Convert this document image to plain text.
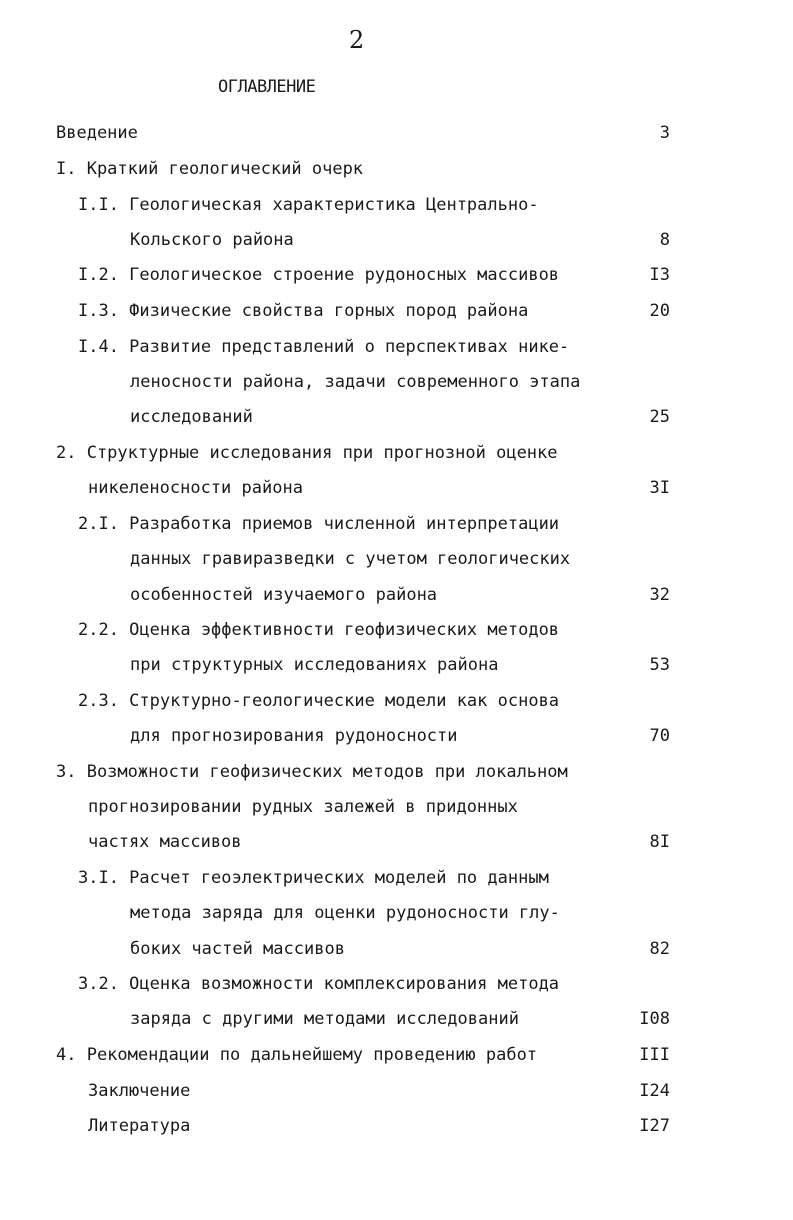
2
ОГЛАВЛЕНИЕ
Введение	3
I. Краткий геологический очерк
I.I. Геологическая характеристика Центрально-
Кольского района	8
I.2. Геологическое строение рудоносных массивов	I3
I.3. Физические свойства горных пород района	20
I.4. Развитие представлений о перспективах нике-
леносности района, задачи современного этапа
исследований	25
2. Структурные исследования при прогнозной оценке
никеленосности района	3I
2.I. Разработка приемов численной интерпретации
данных гравиразведки с учетом геологических
особенностей изучаемого района	32
2.2. Оценка эффективности геофизических методов
при структурных исследованиях района	53
2.3. Структурно-геологические модели как основа
для прогнозирования рудоносности	70
3. Возможности геофизических методов при локальном
прогнозировании рудных залежей в придонных
частях массивов	8I
3.I. Расчет геоэлектрических моделей по данным
метода заряда для оценки рудоносности глу-
боких частей массивов	82
3.2. Оценка возможности комплексирования метода
заряда с другими методами исследований	I08
4. Рекомендации по дальнейшему проведению работ	III
Заключение	I24
Литература	I27
